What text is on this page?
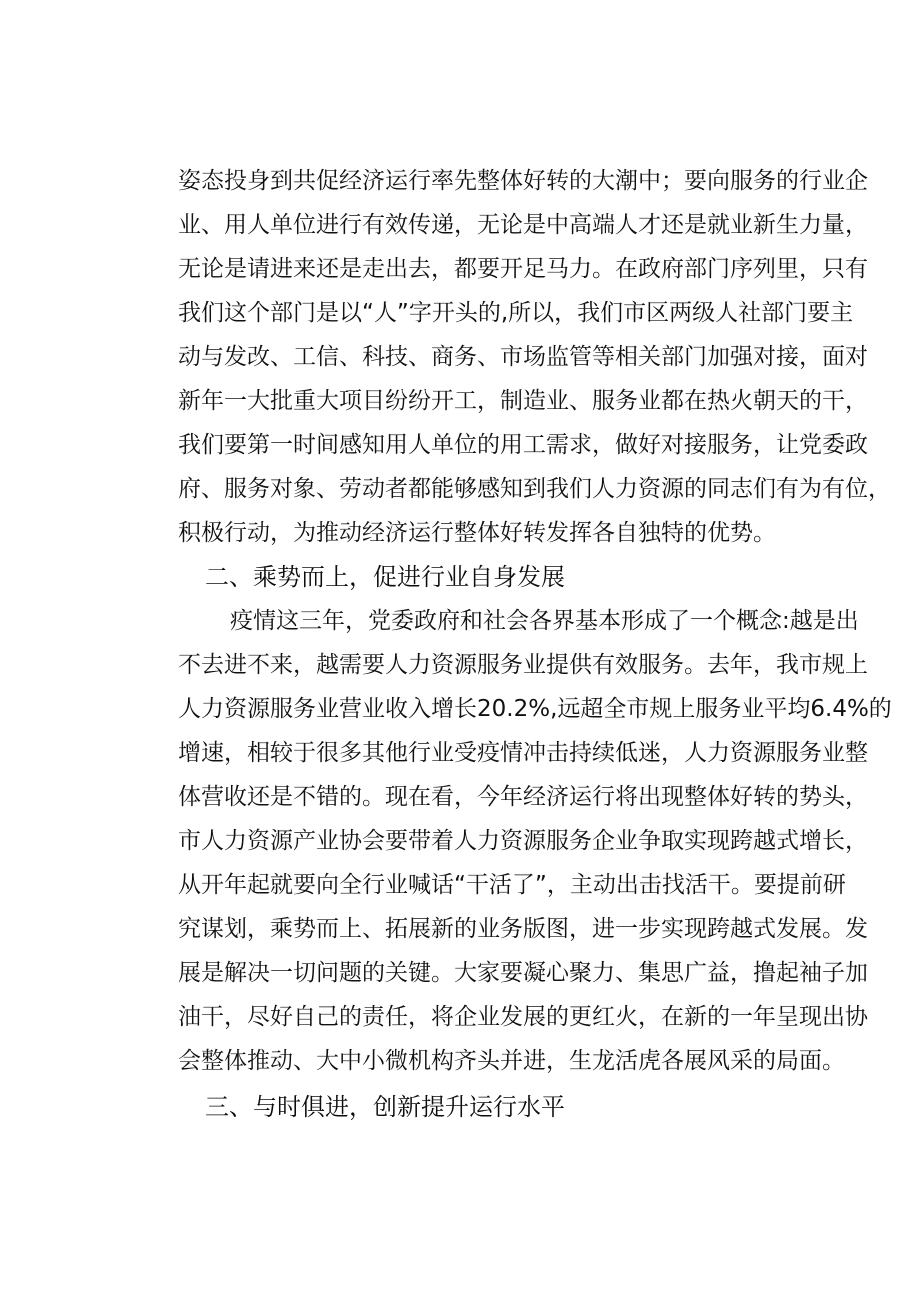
姿态投身到共促经济运行率先整体好转的大潮中；要向服务的行业企
业、用人单位进行有效传递，无论是中高端人才还是就业新生力量，
无论是请进来还是走出去，都要开足马力。在政府部门序列里，只有
我们这个部门是以“人”字开头的,所以，我们市区两级人社部门要主
动与发改、工信、科技、商务、市场监管等相关部门加强对接，面对
新年一大批重大项目纷纷开工，制造业、服务业都在热火朝天的干，
我们要第一时间感知用人单位的用工需求，做好对接服务，让党委政
府、服务对象、劳动者都能够感知到我们人力资源的同志们有为有位，
积极行动，为推动经济运行整体好转发挥各自独特的优势。
二、乘势而上，促进行业自身发展
疫情这三年，党委政府和社会各界基本形成了一个概念:越是出
不去进不来，越需要人力资源服务业提供有效服务。去年，我市规上
人力资源服务业营业收入增长20.2%,远超全市规上服务业平均6.4%的
增速，相较于很多其他行业受疫情冲击持续低迷，人力资源服务业整
体营收还是不错的。现在看，今年经济运行将出现整体好转的势头，
市人力资源产业协会要带着人力资源服务企业争取实现跨越式增长，
从开年起就要向全行业喊话“干活了”，主动出击找活干。要提前研
究谋划，乘势而上、拓展新的业务版图，进一步实现跨越式发展。发
展是解决一切问题的关键。大家要凝心聚力、集思广益，撸起袖子加
油干，尽好自己的责任，将企业发展的更红火，在新的一年呈现出协
会整体推动、大中小微机构齐头并进，生龙活虎各展风采的局面。
三、与时俱进，创新提升运行水平
